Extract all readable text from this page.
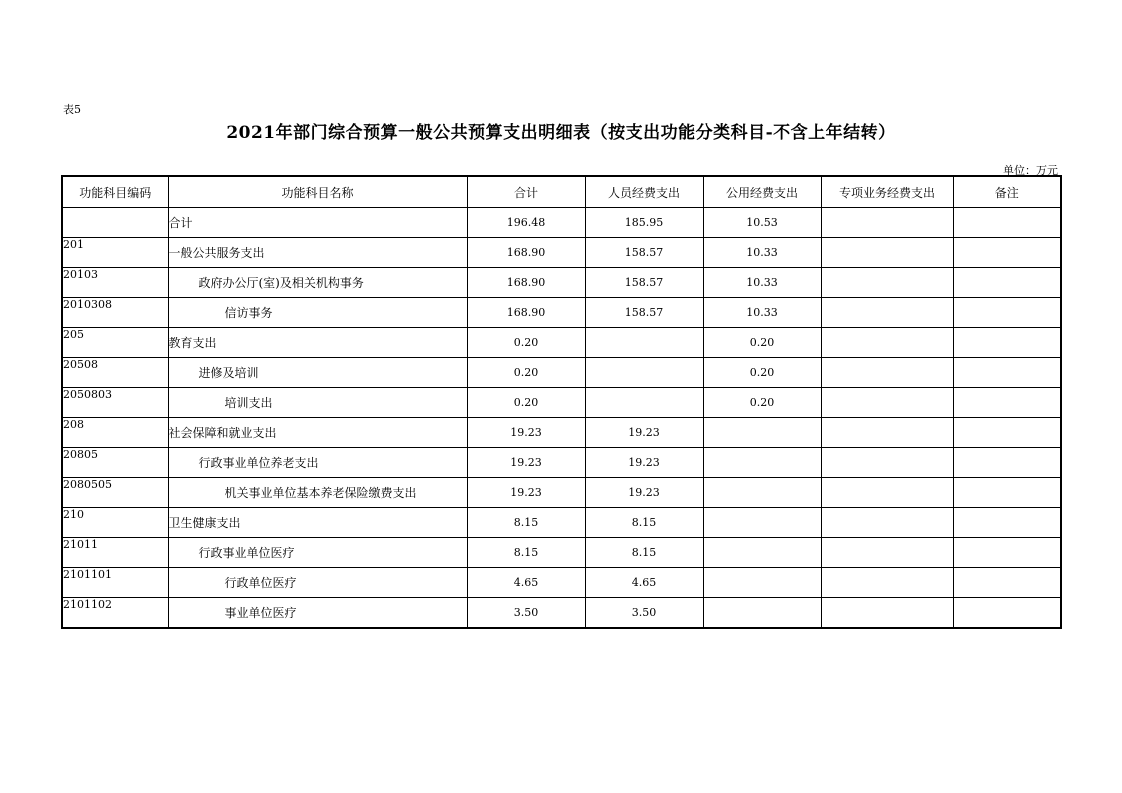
表5
2021年部门综合预算一般公共预算支出明细表（按支出功能分类科目-不含上年结转）
单位：万元
功能科目编码	功能科目名称	合计	人员经费支出	公用经费支出	专项业务经费支出	备注
	合计	196.48	185.95	10.53		
201	一般公共服务支出	168.90	158.57	10.33		
20103	政府办公厅(室)及相关机构事务	168.90	158.57	10.33		
2010308	信访事务	168.90	158.57	10.33		
205	教育支出	0.20		0.20		
20508	进修及培训	0.20		0.20		
2050803	培训支出	0.20		0.20		
208	社会保障和就业支出	19.23	19.23			
20805	行政事业单位养老支出	19.23	19.23			
2080505	机关事业单位基本养老保险缴费支出	19.23	19.23			
210	卫生健康支出	8.15	8.15			
21011	行政事业单位医疗	8.15	8.15			
2101101	行政单位医疗	4.65	4.65			
2101102	事业单位医疗	3.50	3.50			
